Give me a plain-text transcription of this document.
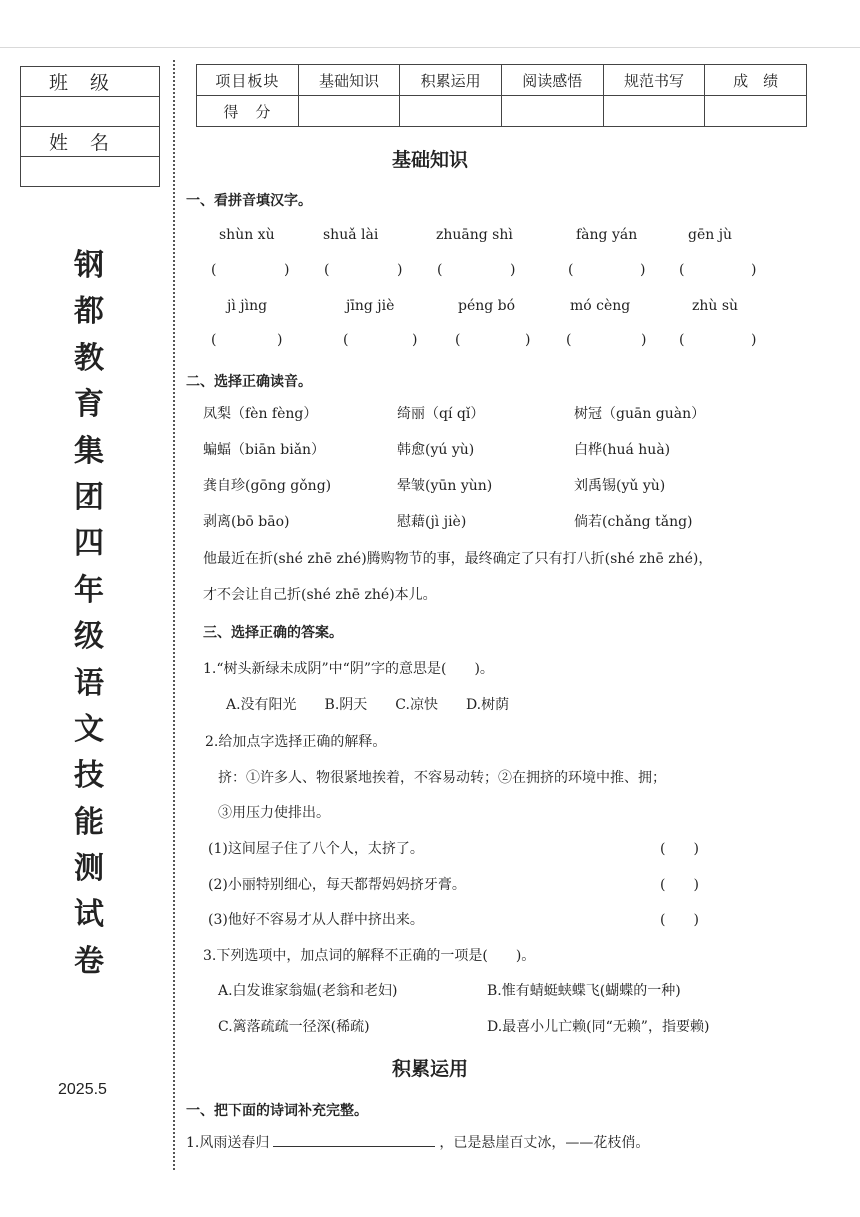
班级

姓名

钢
都
教
育
集
团
四
年
级
语
文
技
能
测
试
卷
2025.5
项目板块	基础知识	积累运用	阅读感悟	规范书写	成　绩
得　分					
基础知识
一、看拼音填汉字。
shùn xù	shuǎ lài	zhuāng shì	fàng yán	gēn jù
(	) (	) (	)	(	) (	)
jì jìng	jīng jiè	péng bó	mó cèng	zhù sù
(	)	(	)	(	)	(	) (	)
二、选择正确读音。
凤梨（fèn fèng）	绮丽（qí qǐ）	树冠（guān guàn）
蝙蝠（biān biǎn）	韩愈(yú yù)	白桦(huá huà)
龚自珍(gōng gǒng)	晕皱(yūn yùn)	刘禹锡(yǔ yù)
剥离(bō bāo)	慰藉(jì jiè)	倘若(chǎng tǎng)
他最近在折(shé zhē zhé)腾购物节的事，最终确定了只有打八折(shé zhē zhé)，
才不会让自己折(shé zhē zhé)本儿。
三、选择正确的答案。
1.“树头新绿未成阴”中“阴”字的意思是(　　)。
A.没有阳光　　B.阴天　　C.凉快　　D.树荫
2.给加点字选择正确的解释。
挤：①许多人、物很紧地挨着，不容易动转；②在拥挤的环境中推、拥；
③用压力使排出。
(1)这间屋子住了八个人，太挤了。	(　　)
(2)小丽特别细心，每天都帮妈妈挤牙膏。	(　　)
(3)他好不容易才从人群中挤出来。	(　　)
3.下列选项中，加点词的解释不正确的一项是(　　)。
A.白发谁家翁媪(老翁和老妇)	B.惟有蜻蜓蛱蝶飞(蝴蝶的一种)
C.篱落疏疏一径深(稀疏)	D.最喜小儿亡赖(同“无赖”，指要赖)
积累运用
一、把下面的诗词补充完整。
1.风雨送春归	，已是悬崖百丈冰，——花枝俏。
